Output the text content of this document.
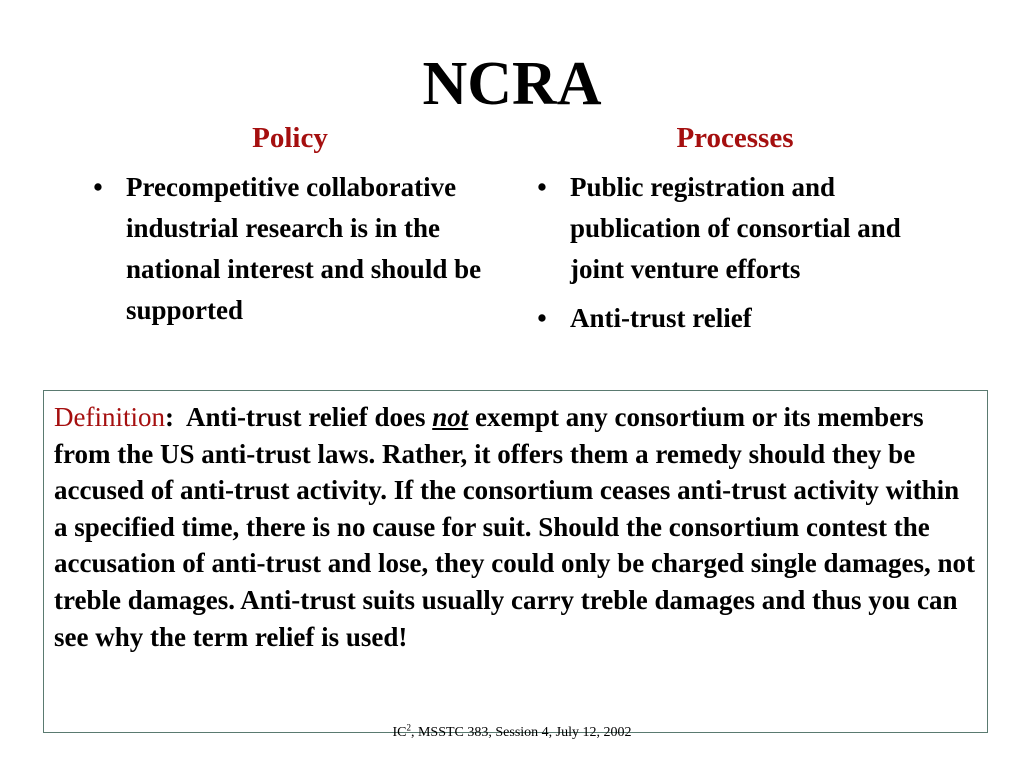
NCRA
Policy	Processes
• Precompetitive collaborative industrial research is in the national interest and should be supported
• Public registration and publication of consortial and joint venture efforts
• Anti-trust relief
Definition:  Anti-trust relief does not exempt any consortium or its members from the US anti-trust laws. Rather, it offers them a remedy should they be accused of anti-trust activity. If the consortium ceases anti-trust activity within a specified time, there is no cause for suit. Should the consortium contest the accusation of anti-trust and lose, they could only be charged single damages, not treble damages. Anti-trust suits usually carry treble damages and thus you can see why the term relief is used!
$IC^2$, MSSTC 383, Session 4, July 12, 2002
